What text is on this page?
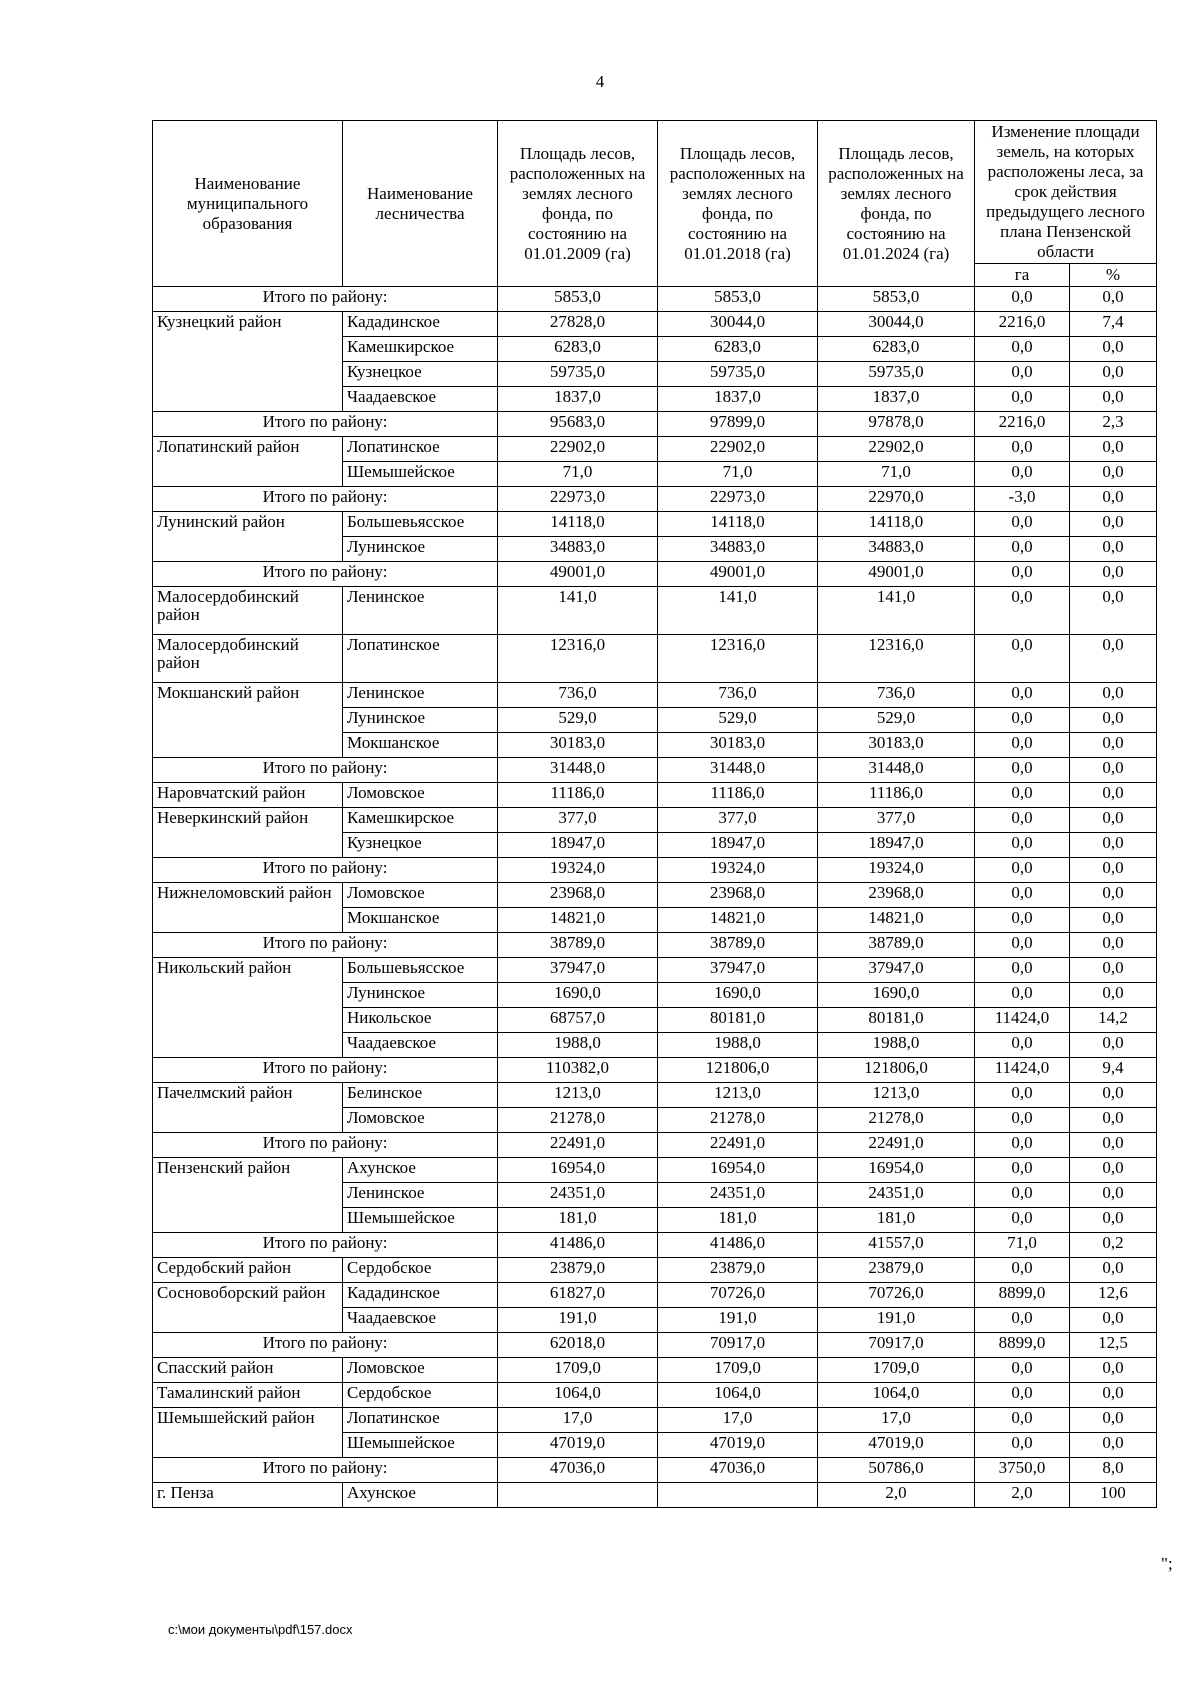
4
Наименование муниципального образования	Наименование лесничества	Площадь лесов, расположенных на землях лесного фонда, по состоянию на 01.01.2009 (га)	Площадь лесов, расположенных на землях лесного фонда, по состоянию на 01.01.2018 (га)	Площадь лесов, расположенных на землях лесного фонда, по состоянию на 01.01.2024 (га)	Изменение площади земель, на которых расположены леса, за срок действия предыдущего лесного плана Пензенской области	
					га	%
Итого по району:		5853,0	5853,0	5853,0	0,0	0,0
Кузнецкий район	Кададинское	27828,0	30044,0	30044,0	2216,0	7,4
	Камешкирское	6283,0	6283,0	6283,0	0,0	0,0
	Кузнецкое	59735,0	59735,0	59735,0	0,0	0,0
	Чаадаевское	1837,0	1837,0	1837,0	0,0	0,0
Итого по району:		95683,0	97899,0	97878,0	2216,0	2,3
Лопатинский район	Лопатинское	22902,0	22902,0	22902,0	0,0	0,0
	Шемышейское	71,0	71,0	71,0	0,0	0,0
Итого по району:		22973,0	22973,0	22970,0	-3,0	0,0
Лунинский район	Большевьясское	14118,0	14118,0	14118,0	0,0	0,0
	Лунинское	34883,0	34883,0	34883,0	0,0	0,0
Итого по району:		49001,0	49001,0	49001,0	0,0	0,0
Малосердобинский район	Ленинское	141,0	141,0	141,0	0,0	0,0
Малосердобинский район	Лопатинское	12316,0	12316,0	12316,0	0,0	0,0
Мокшанский район	Ленинское	736,0	736,0	736,0	0,0	0,0
	Лунинское	529,0	529,0	529,0	0,0	0,0
	Мокшанское	30183,0	30183,0	30183,0	0,0	0,0
Итого по району:		31448,0	31448,0	31448,0	0,0	0,0
Наровчатский район	Ломовское	11186,0	11186,0	11186,0	0,0	0,0
Неверкинский район	Камешкирское	377,0	377,0	377,0	0,0	0,0
	Кузнецкое	18947,0	18947,0	18947,0	0,0	0,0
Итого по району:		19324,0	19324,0	19324,0	0,0	0,0
Нижнеломовский район	Ломовское	23968,0	23968,0	23968,0	0,0	0,0
	Мокшанское	14821,0	14821,0	14821,0	0,0	0,0
Итого по району:		38789,0	38789,0	38789,0	0,0	0,0
Никольский район	Большевьясское	37947,0	37947,0	37947,0	0,0	0,0
	Лунинское	1690,0	1690,0	1690,0	0,0	0,0
	Никольское	68757,0	80181,0	80181,0	11424,0	14,2
	Чаадаевское	1988,0	1988,0	1988,0	0,0	0,0
Итого по району:		110382,0	121806,0	121806,0	11424,0	9,4
Пачелмский район	Белинское	1213,0	1213,0	1213,0	0,0	0,0
	Ломовское	21278,0	21278,0	21278,0	0,0	0,0
Итого по району:		22491,0	22491,0	22491,0	0,0	0,0
Пензенский район	Ахунское	16954,0	16954,0	16954,0	0,0	0,0
	Ленинское	24351,0	24351,0	24351,0	0,0	0,0
	Шемышейское	181,0	181,0	181,0	0,0	0,0
Итого по району:		41486,0	41486,0	41557,0	71,0	0,2
Сердобский район	Сердобское	23879,0	23879,0	23879,0	0,0	0,0
Сосновоборский район	Кададинское	61827,0	70726,0	70726,0	8899,0	12,6
	Чаадаевское	191,0	191,0	191,0	0,0	0,0
Итого по району:		62018,0	70917,0	70917,0	8899,0	12,5
Спасский район	Ломовское	1709,0	1709,0	1709,0	0,0	0,0
Тамалинский район	Сердобское	1064,0	1064,0	1064,0	0,0	0,0
Шемышейский район	Лопатинское	17,0	17,0	17,0	0,0	0,0
	Шемышейское	47019,0	47019,0	47019,0	0,0	0,0
Итого по району:		47036,0	47036,0	50786,0	3750,0	8,0
г. Пенза	Ахунское			2,0	2,0	100
";
c:\мои документы\pdf\157.docx
